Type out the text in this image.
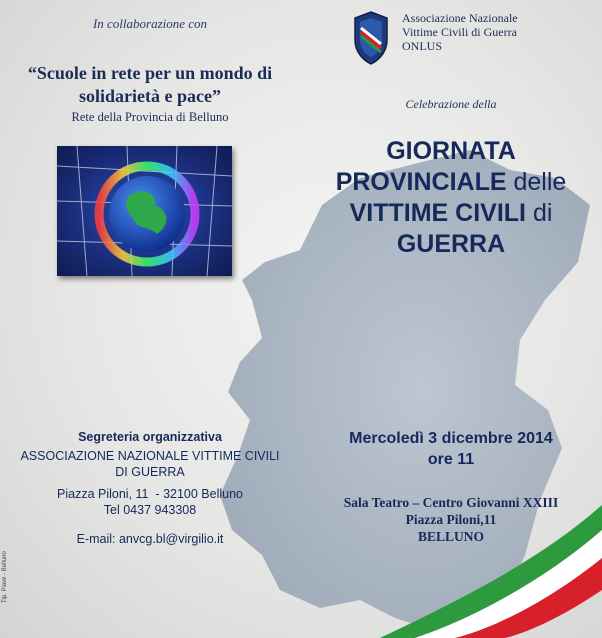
In collaborazione con
“Scuole in rete per un mondo di
solidarietà e pace”
Rete della Provincia di Belluno
Associazione Nazionale
Vittime Civili di Guerra
ONLUS
Celebrazione della
GIORNATA
PROVINCIALE delle
VITTIME CIVILI di
GUERRA
Segreteria organizzativa
ASSOCIAZIONE NAZIONALE VITTIME CIVILI
DI GUERRA
Piazza Piloni, 11  - 32100 Belluno
Tel 0437 943308
E-mail: anvcg.bl@virgilio.it
Mercoledì 3 dicembre 2014
ore 11
Sala Teatro – Centro Giovanni XXIII
Piazza Piloni,11
BELLUNO
Tip. Piave - Belluno
